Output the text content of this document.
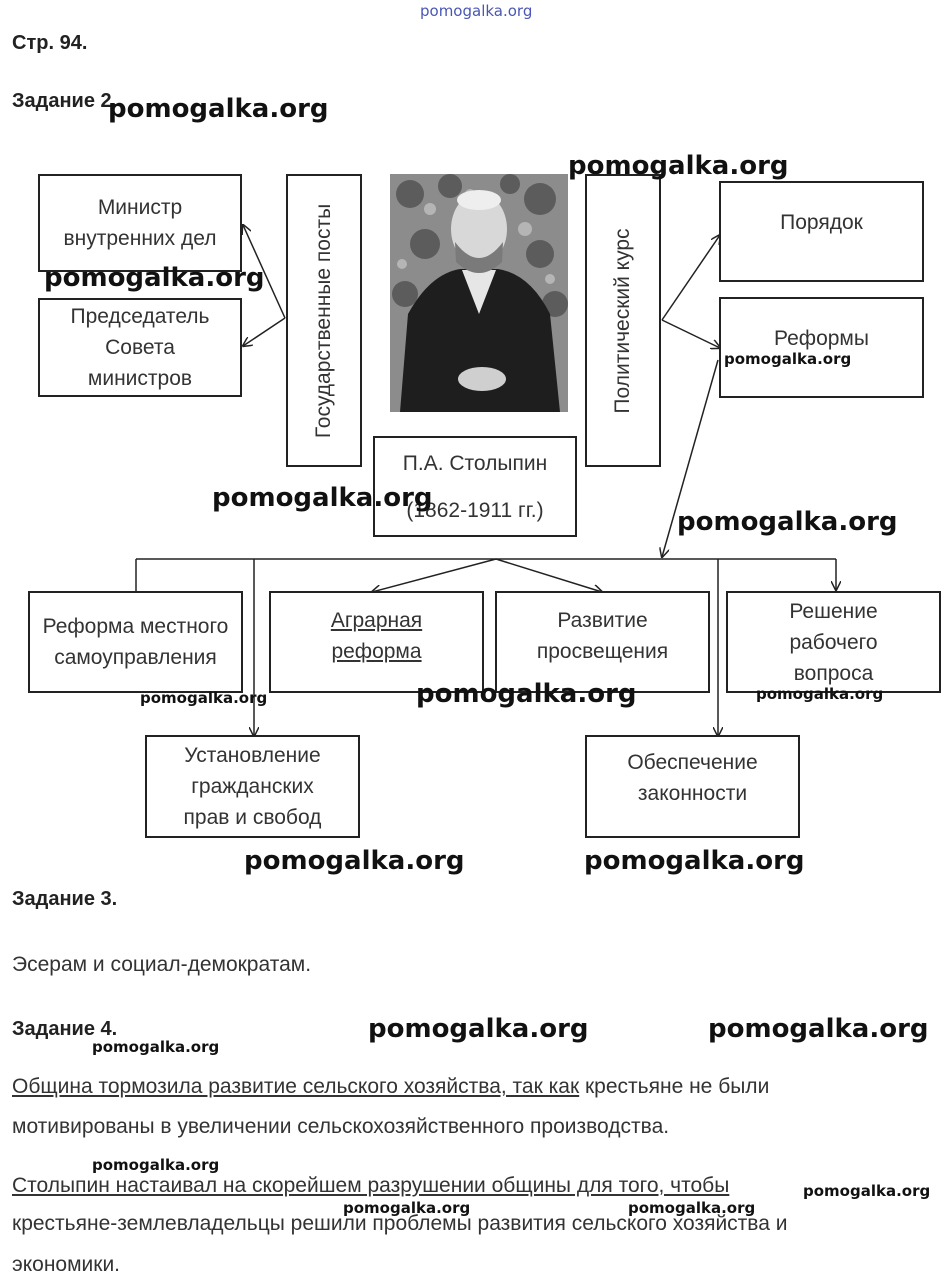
pomogalka.org
Стр. 94.
Задание 2.
Министр внутренних дел
Председатель Совета министров	Государственные посты	Политический курс
П.А. Столыпин
(1862-1911 гг.)
Порядок
Реформы
Реформа местного самоуправления
Аграрная реформа
Развитие просвещения
Решение рабочего вопроса
Установление гражданских прав и свобод
Обеспечение законности
Задание 3.
Эсерам и социал-демократам.
Задание 4.
Община тормозила развитие сельского хозяйства, так как крестьяне не были
мотивированы в увеличении сельскохозяйственного производства.
Столыпин настаивал на скорейшем разрушении общины для того, чтобы
крестьяне-землевладельцы решили проблемы развития сельского хозяйства и
экономики.
pomogalka.org
pomogalka.org
pomogalka.org
pomogalka.org
pomogalka.org
pomogalka.org
pomogalka.org	pomogalka.org	pomogalka.org
pomogalka.org	pomogalka.org
pomogalka.org	pomogalka.org
pomogalka.org
pomogalka.org
pomogalka.org
pomogalka.org	pomogalka.org
